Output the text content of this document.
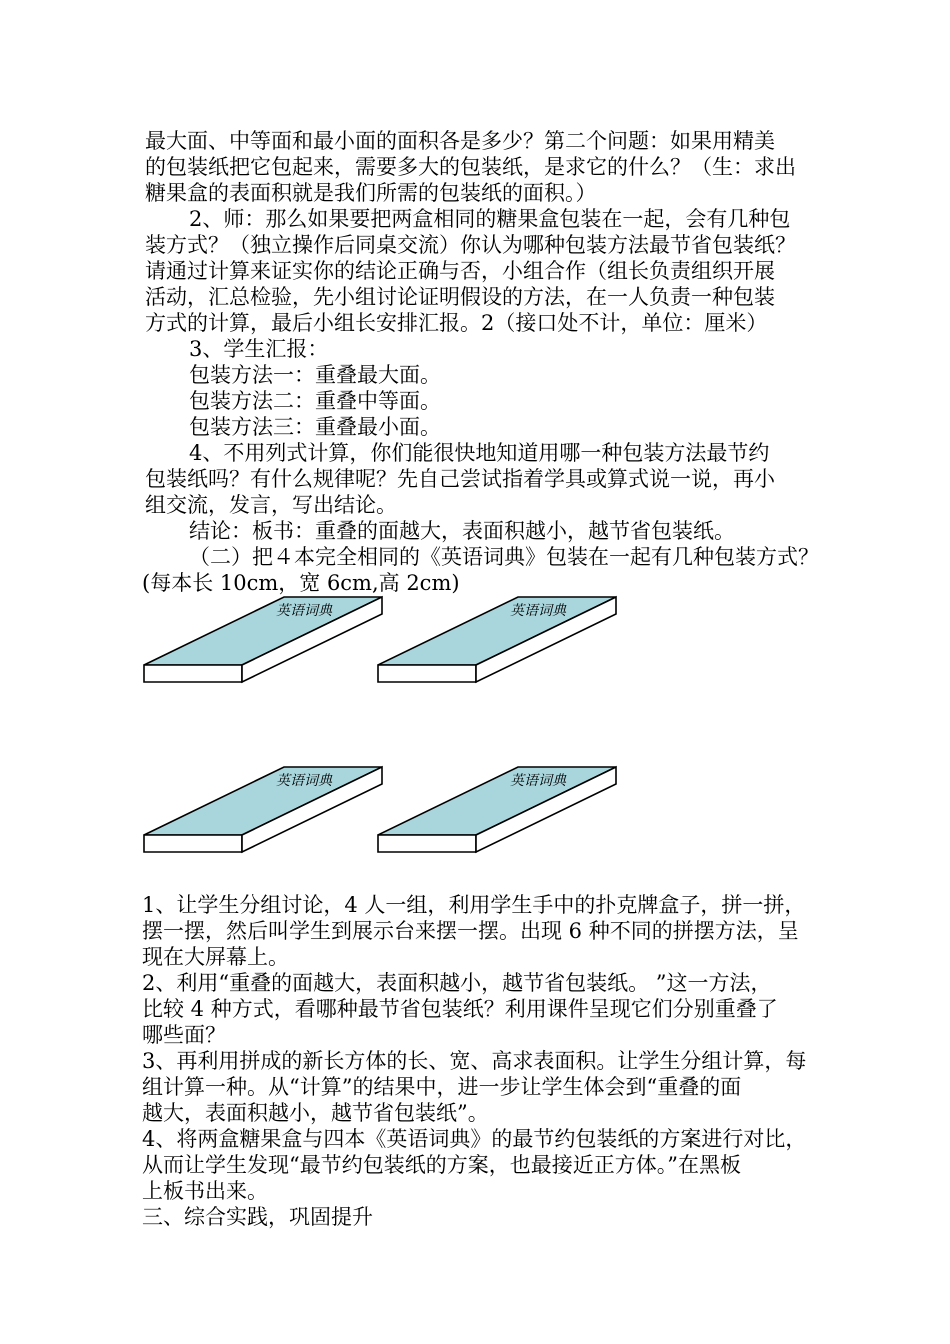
最大面、中等面和最小面的面积各是多少？第二个问题：如果用精美
的包装纸把它包起来，需要多大的包装纸，是求它的什么？（生：求出
糖果盒的表面积就是我们所需的包装纸的面积。）
2、师：那么如果要把两盒相同的糖果盒包装在一起，会有几种包
装方式？（独立操作后同桌交流）你认为哪种包装方法最节省包装纸？
请通过计算来证实你的结论正确与否，小组合作（组长负责组织开展
活动，汇总检验，先小组讨论证明假设的方法，在一人负责一种包装
方式的计算，最后小组长安排汇报。2（接口处不计，单位：厘米）
3、学生汇报：
包装方法一：重叠最大面。
包装方法二：重叠中等面。
包装方法三：重叠最小面。
4、不用列式计算，你们能很快地知道用哪一种包装方法最节约
包装纸吗？有什么规律呢？先自己尝试指着学具或算式说一说，再小
组交流，发言，写出结论。
结论：板书：重叠的面越大，表面积越小，越节省包装纸。
（二）把４本完全相同的《英语词典》包装在一起有几种包装方式？
(每本长 10cm，宽 6cm,高 2cm)
英语词典	英语词典
英语词典	英语词典
1、让学生分组讨论，4 人一组，利用学生手中的扑克牌盒子，拼一拼，
摆一摆，然后叫学生到展示台来摆一摆。出现 6 种不同的拼摆方法，呈
现在大屏幕上。
2、利用“重叠的面越大，表面积越小，越节省包装纸。 ”这一方法，
比较 4 种方式，看哪种最节省包装纸？利用课件呈现它们分别重叠了
哪些面？
3、再利用拼成的新长方体的长、宽、高求表面积。让学生分组计算，每
组计算一种。从“计算”的结果中，进一步让学生体会到“重叠的面
越大，表面积越小，越节省包装纸”。
4、将两盒糖果盒与四本《英语词典》的最节约包装纸的方案进行对比，
从而让学生发现“最节约包装纸的方案，也最接近正方体。”在黑板
上板书出来。
三、综合实践，巩固提升
